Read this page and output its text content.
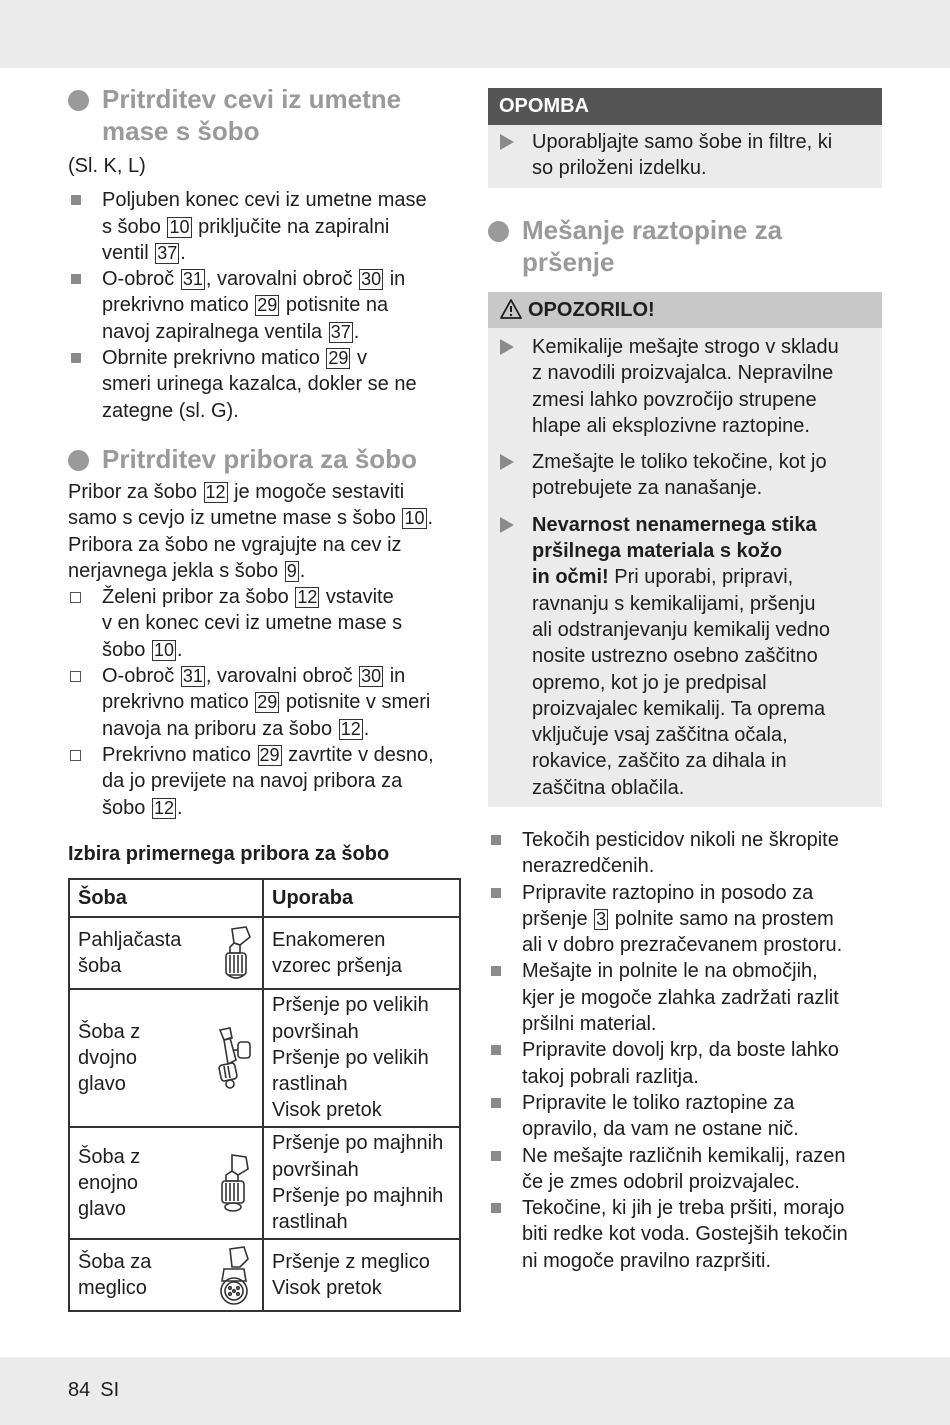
Pritrditev cevi iz umetne
mase s šobo
(Sl. K, L)
Poljuben konec cevi iz umetne mase
s šobo 10 priključite na zapiralni
ventil 37 .
O-obroč 31 , varovalni obroč 30 in
prekrivno matico 29 potisnite na
navoj zapiralnega ventila 37 .
Obrnite prekrivno matico 29 v
smeri urinega kazalca, dokler se ne
zategne (sl. G).
Pritrditev pribora za šobo
Pribor za šobo 12 je mogoče sestaviti
samo s cevjo iz umetne mase s šobo 10 .
Pribora za šobo ne vgrajujte na cev iz
nerjavnega jekla s šobo 9 .
Želeni pribor za šobo 12 vstavite
v en konec cevi iz umetne mase s
šobo 10 .
O-obroč 31 , varovalni obroč 30 in
prekrivno matico 29 potisnite v smeri
navoja na priboru za šobo 12 .
Prekrivno matico 29 zavrtite v desno,
da jo previjete na navoj pribora za
šobo 12 .
Izbira primernega pribora za šobo
Šoba	Uporaba
Pahljačasta
šoba	Enakomeren
vzorec pršenja
Šoba z
dvojno
glavo	Pršenje po velikih
površinah
Pršenje po velikih
rastlinah
Visok pretok
Šoba z
enojno
glavo	Pršenje po majhnih
površinah
Pršenje po majhnih
rastlinah
Šoba za
meglico	Pršenje z meglico
Visok pretok
OPOMBA
Uporabljajte samo šobe in filtre, ki
so priloženi izdelku.
Mešanje raztopine za
pršenje
OPOZORILO!
Kemikalije mešajte strogo v skladu
z navodili proizvajalca. Nepravilne
zmesi lahko povzročijo strupene
hlape ali eksplozivne raztopine.
Zmešajte le toliko tekočine, kot jo
potrebujete za nanašanje.
Nevarnost nenamernega stika
pršilnega materiala s kožo
in očmi! Pri uporabi, pripravi,
ravnanju s kemikalijami, pršenju
ali odstranjevanju kemikalij vedno
nosite ustrezno osebno zaščitno
opremo, kot jo je predpisal
proizvajalec kemikalij. Ta oprema
vključuje vsaj zaščitna očala,
rokavice, zaščito za dihala in
zaščitna oblačila.
Tekočih pesticidov nikoli ne škropite
nerazredčenih.
Pripravite raztopino in posodo za
pršenje 3 polnite samo na prostem
ali v dobro prezračevanem prostoru.
Mešajte in polnite le na območjih,
kjer je mogoče zlahka zadržati razlit
pršilni material.
Pripravite dovolj krp, da boste lahko
takoj pobrali razlitja.
Pripravite le toliko raztopine za
opravilo, da vam ne ostane nič.
Ne mešajte različnih kemikalij, razen
če je zmes odobril proizvajalec.
Tekočine, ki jih je treba pršiti, morajo
biti redke kot voda. Gostejših tekočin
ni mogoče pravilno razpršiti.
84 SI
